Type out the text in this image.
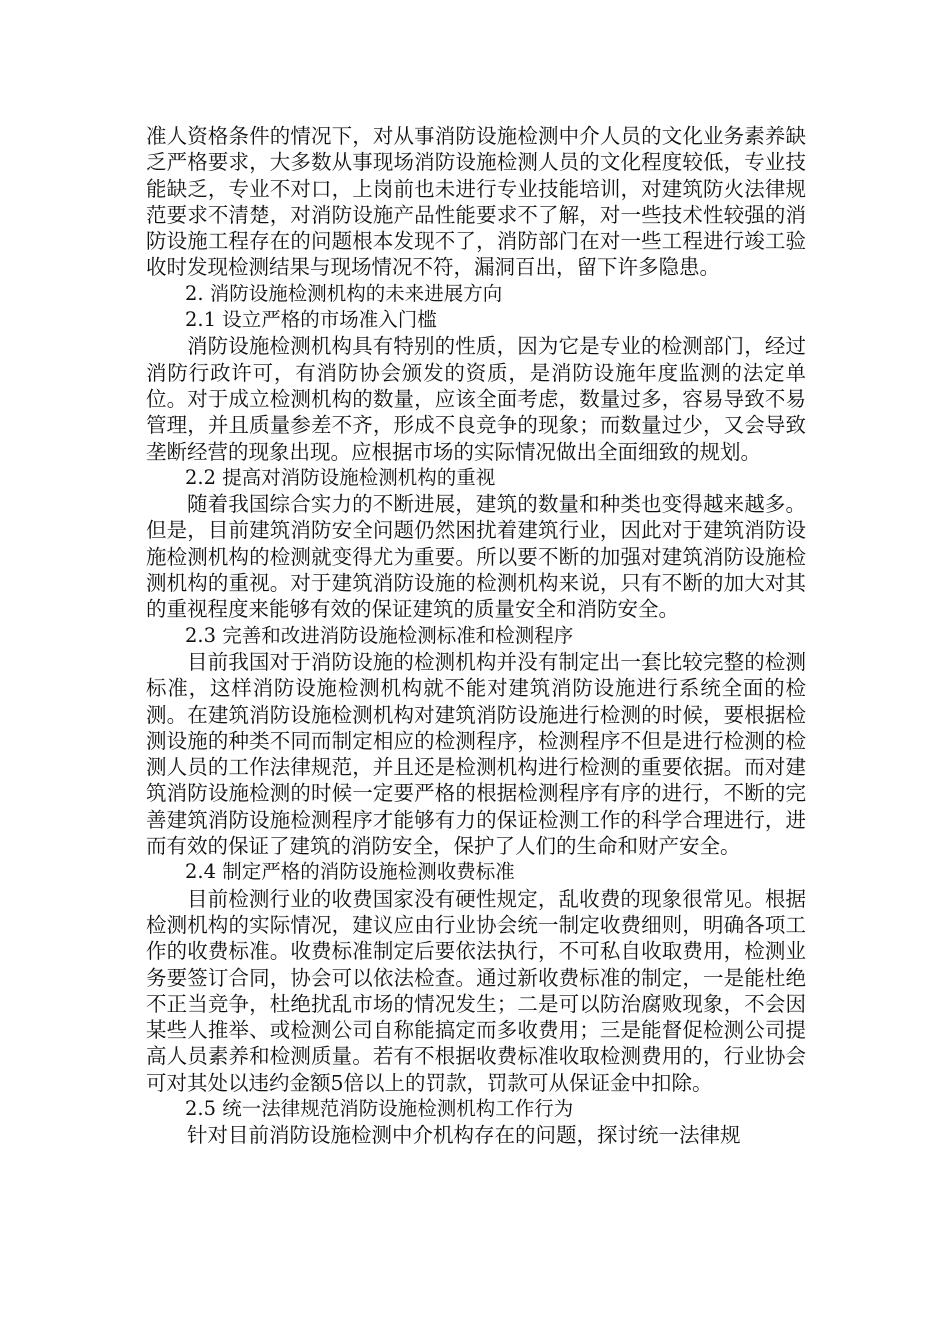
准人资格条件的情况下，对从事消防设施检测中介人员的文化业务素养缺乏严格要求，大多数从事现场消防设施检测人员的文化程度较低，专业技能缺乏，专业不对口，上岗前也未进行专业技能培训，对建筑防火法律规范要求不清楚，对消防设施产品性能要求不了解，对一些技术性较强的消防设施工程存在的问题根本发现不了，消防部门在对一些工程进行竣工验收时发现检测结果与现场情况不符，漏洞百出，留下许多隐患。

2. 消防设施检测机构的未来进展方向

2.1 设立严格的市场准入门槛

消防设施检测机构具有特别的性质，因为它是专业的检测部门，经过消防行政许可，有消防协会颁发的资质，是消防设施年度监测的法定单位。对于成立检测机构的数量，应该全面考虑，数量过多，容易导致不易管理，并且质量参差不齐，形成不良竞争的现象；而数量过少，又会导致垄断经营的现象出现。应根据市场的实际情况做出全面细致的规划。

2.2 提高对消防设施检测机构的重视

随着我国综合实力的不断进展，建筑的数量和种类也变得越来越多。但是，目前建筑消防安全问题仍然困扰着建筑行业，因此对于建筑消防设施检测机构的检测就变得尤为重要。所以要不断的加强对建筑消防设施检测机构的重视。对于建筑消防设施的检测机构来说，只有不断的加大对其的重视程度来能够有效的保证建筑的质量安全和消防安全。

2.3 完善和改进消防设施检测标准和检测程序

目前我国对于消防设施的检测机构并没有制定出一套比较完整的检测标准，这样消防设施检测机构就不能对建筑消防设施进行系统全面的检测。在建筑消防设施检测机构对建筑消防设施进行检测的时候，要根据检测设施的种类不同而制定相应的检测程序，检测程序不但是进行检测的检测人员的工作法律规范，并且还是检测机构进行检测的重要依据。而对建筑消防设施检测的时候一定要严格的根据检测程序有序的进行，不断的完善建筑消防设施检测程序才能够有力的保证检测工作的科学合理进行，进而有效的保证了建筑的消防安全，保护了人们的生命和财产安全。

2.4 制定严格的消防设施检测收费标准

目前检测行业的收费国家没有硬性规定，乱收费的现象很常见。根据检测机构的实际情况，建议应由行业协会统一制定收费细则，明确各项工作的收费标准。收费标准制定后要依法执行，不可私自收取费用，检测业务要签订合同，协会可以依法检查。通过新收费标准的制定，一是能杜绝不正当竞争，杜绝扰乱市场的情况发生；二是可以防治腐败现象，不会因某些人推举、或检测公司自称能搞定而多收费用；三是能督促检测公司提高人员素养和检测质量。若有不根据收费标准收取检测费用的，行业协会可对其处以违约金额5倍以上的罚款，罚款可从保证金中扣除。

2.5 统一法律规范消防设施检测机构工作行为

针对目前消防设施检测中介机构存在的问题，探讨统一法律规
